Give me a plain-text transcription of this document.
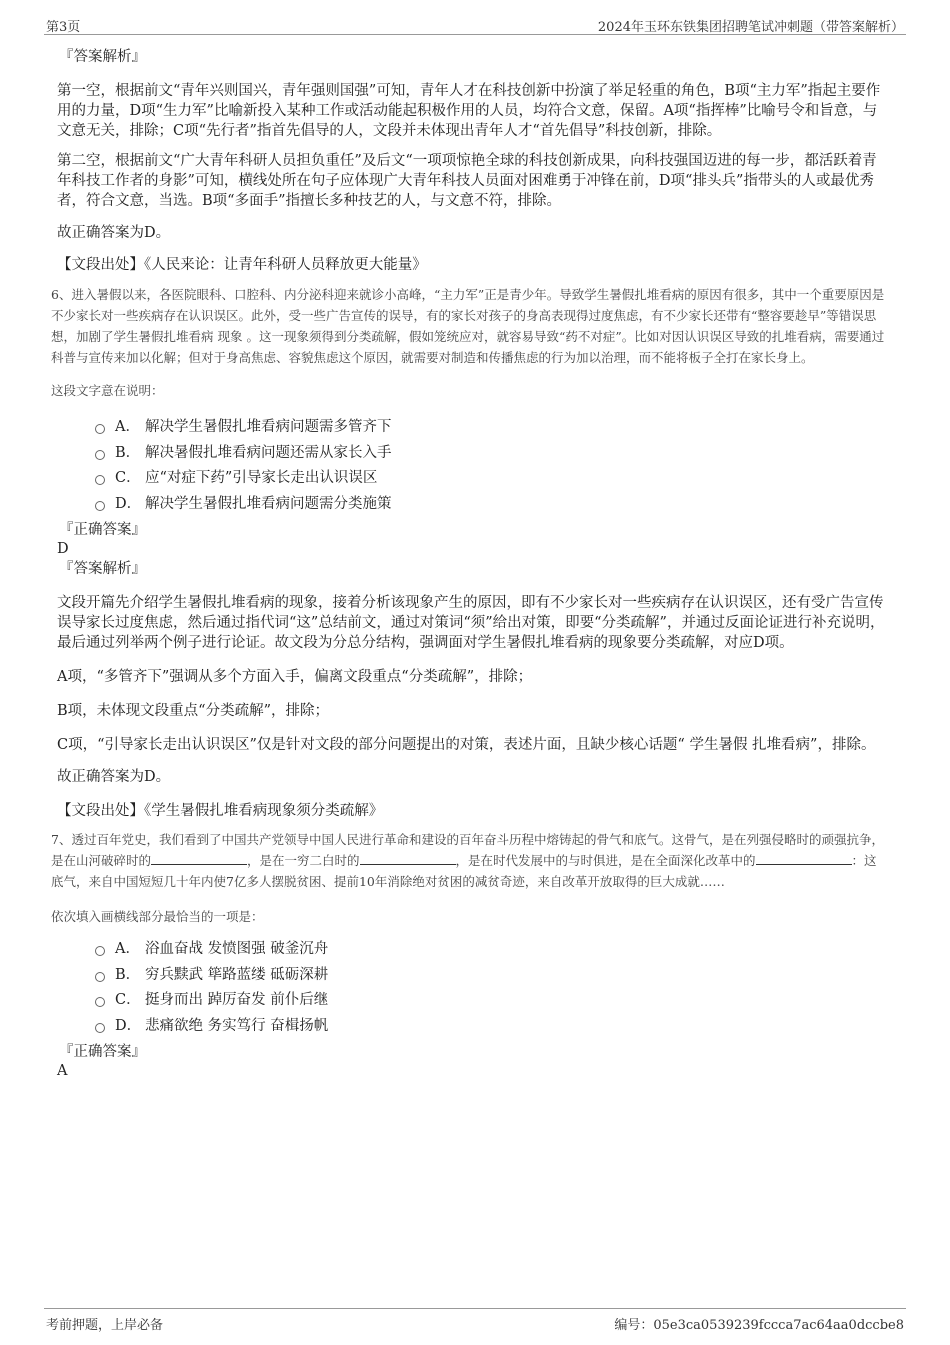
第3页	2024年玉环东铁集团招聘笔试冲刺题（带答案解析）

『答案解析』

第一空，根据前文“青年兴则国兴，青年强则国强”可知，青年人才在科技创新中扮演了举足轻重的角色，B项“主力军”指起主要作用的力量，D项“生力军”比喻新投入某种工作或活动能起积极作用的人员，均符合文意，保留。A项“指挥棒”比喻号令和旨意，与文意无关，排除；C项“先行者”指首先倡导的人，文段并未体现出青年人才“首先倡导”科技创新，排除。

第二空，根据前文“广大青年科研人员担负重任”及后文“一项项惊艳全球的科技创新成果，向科技强国迈进的每一步，都活跃着青年科技工作者的身影”可知，横线处所在句子应体现广大青年科技人员面对困难勇于冲锋在前，D项“排头兵”指带头的人或最优秀者，符合文意，当选。B项“多面手”指擅长多种技艺的人，与文意不符，排除。

故正确答案为D。

【文段出处】《人民来论：让青年科研人员释放更大能量》

6、进入暑假以来，各医院眼科、口腔科、内分泌科迎来就诊小高峰，“主力军”正是青少年。导致学生暑假扎堆看病的原因有很多，其中一个重要原因是不少家长对一些疾病存在认识误区。此外，受一些广告宣传的误导，有的家长对孩子的身高表现得过度焦虑，有不少家长还带有“整容要趁早”等错误思想，加剧了学生暑假扎堆看病 现象 。这一现象须得到分类疏解，假如笼统应对，就容易导致“药不对症”。比如对因认识误区导致的扎堆看病，需要通过科普与宣传来加以化解；但对于身高焦虑、容貌焦虑这个原因，就需要对制造和传播焦虑的行为加以治理，而不能将板子全打在家长身上。

这段文字意在说明：

A． 解决学生暑假扎堆看病问题需多管齐下
B． 解决暑假扎堆看病问题还需从家长入手
C． 应“对症下药”引导家长走出认识误区
D． 解决学生暑假扎堆看病问题需分类施策

『正确答案』

D

『答案解析』

文段开篇先介绍学生暑假扎堆看病的现象，接着分析该现象产生的原因，即有不少家长对一些疾病存在认识误区，还有受广告宣传误导家长过度焦虑，然后通过指代词“这”总结前文，通过对策词“须”给出对策，即要“分类疏解”，并通过反面论证进行补充说明，最后通过列举两个例子进行论证。故文段为分总分结构，强调面对学生暑假扎堆看病的现象要分类疏解，对应D项。

A项，“多管齐下”强调从多个方面入手，偏离文段重点“分类疏解”，排除；

B项，未体现文段重点“分类疏解”，排除；

C项，“引导家长走出认识误区”仅是针对文段的部分问题提出的对策，表述片面，且缺少核心话题“ 学生暑假 扎堆看病”，排除。

故正确答案为D。

【文段出处】《学生暑假扎堆看病现象须分类疏解》

7、透过百年党史，我们看到了中国共产党领导中国人民进行革命和建设的百年奋斗历程中熔铸起的骨气和底气。这骨气，是在列强侵略时的顽强抗争，是在山河破碎时的	，是在一穷二白时的	，是在时代发展中的与时俱进，是在全面深化改革中的	：这底气，来自中国短短几十年内使7亿多人摆脱贫困、提前10年消除绝对贫困的减贫奇迹，来自改革开放取得的巨大成就……

依次填入画横线部分最恰当的一项是：

A． 浴血奋战 发愤图强 破釜沉舟
B． 穷兵黩武 筚路蓝缕 砥砺深耕
C． 挺身而出 踔厉奋发 前仆后继
D． 悲痛欲绝 务实笃行 奋楫扬帆

『正确答案』

A

考前押题，上岸必备	编号：05e3ca0539239fccca7ac64aa0dccbe8
